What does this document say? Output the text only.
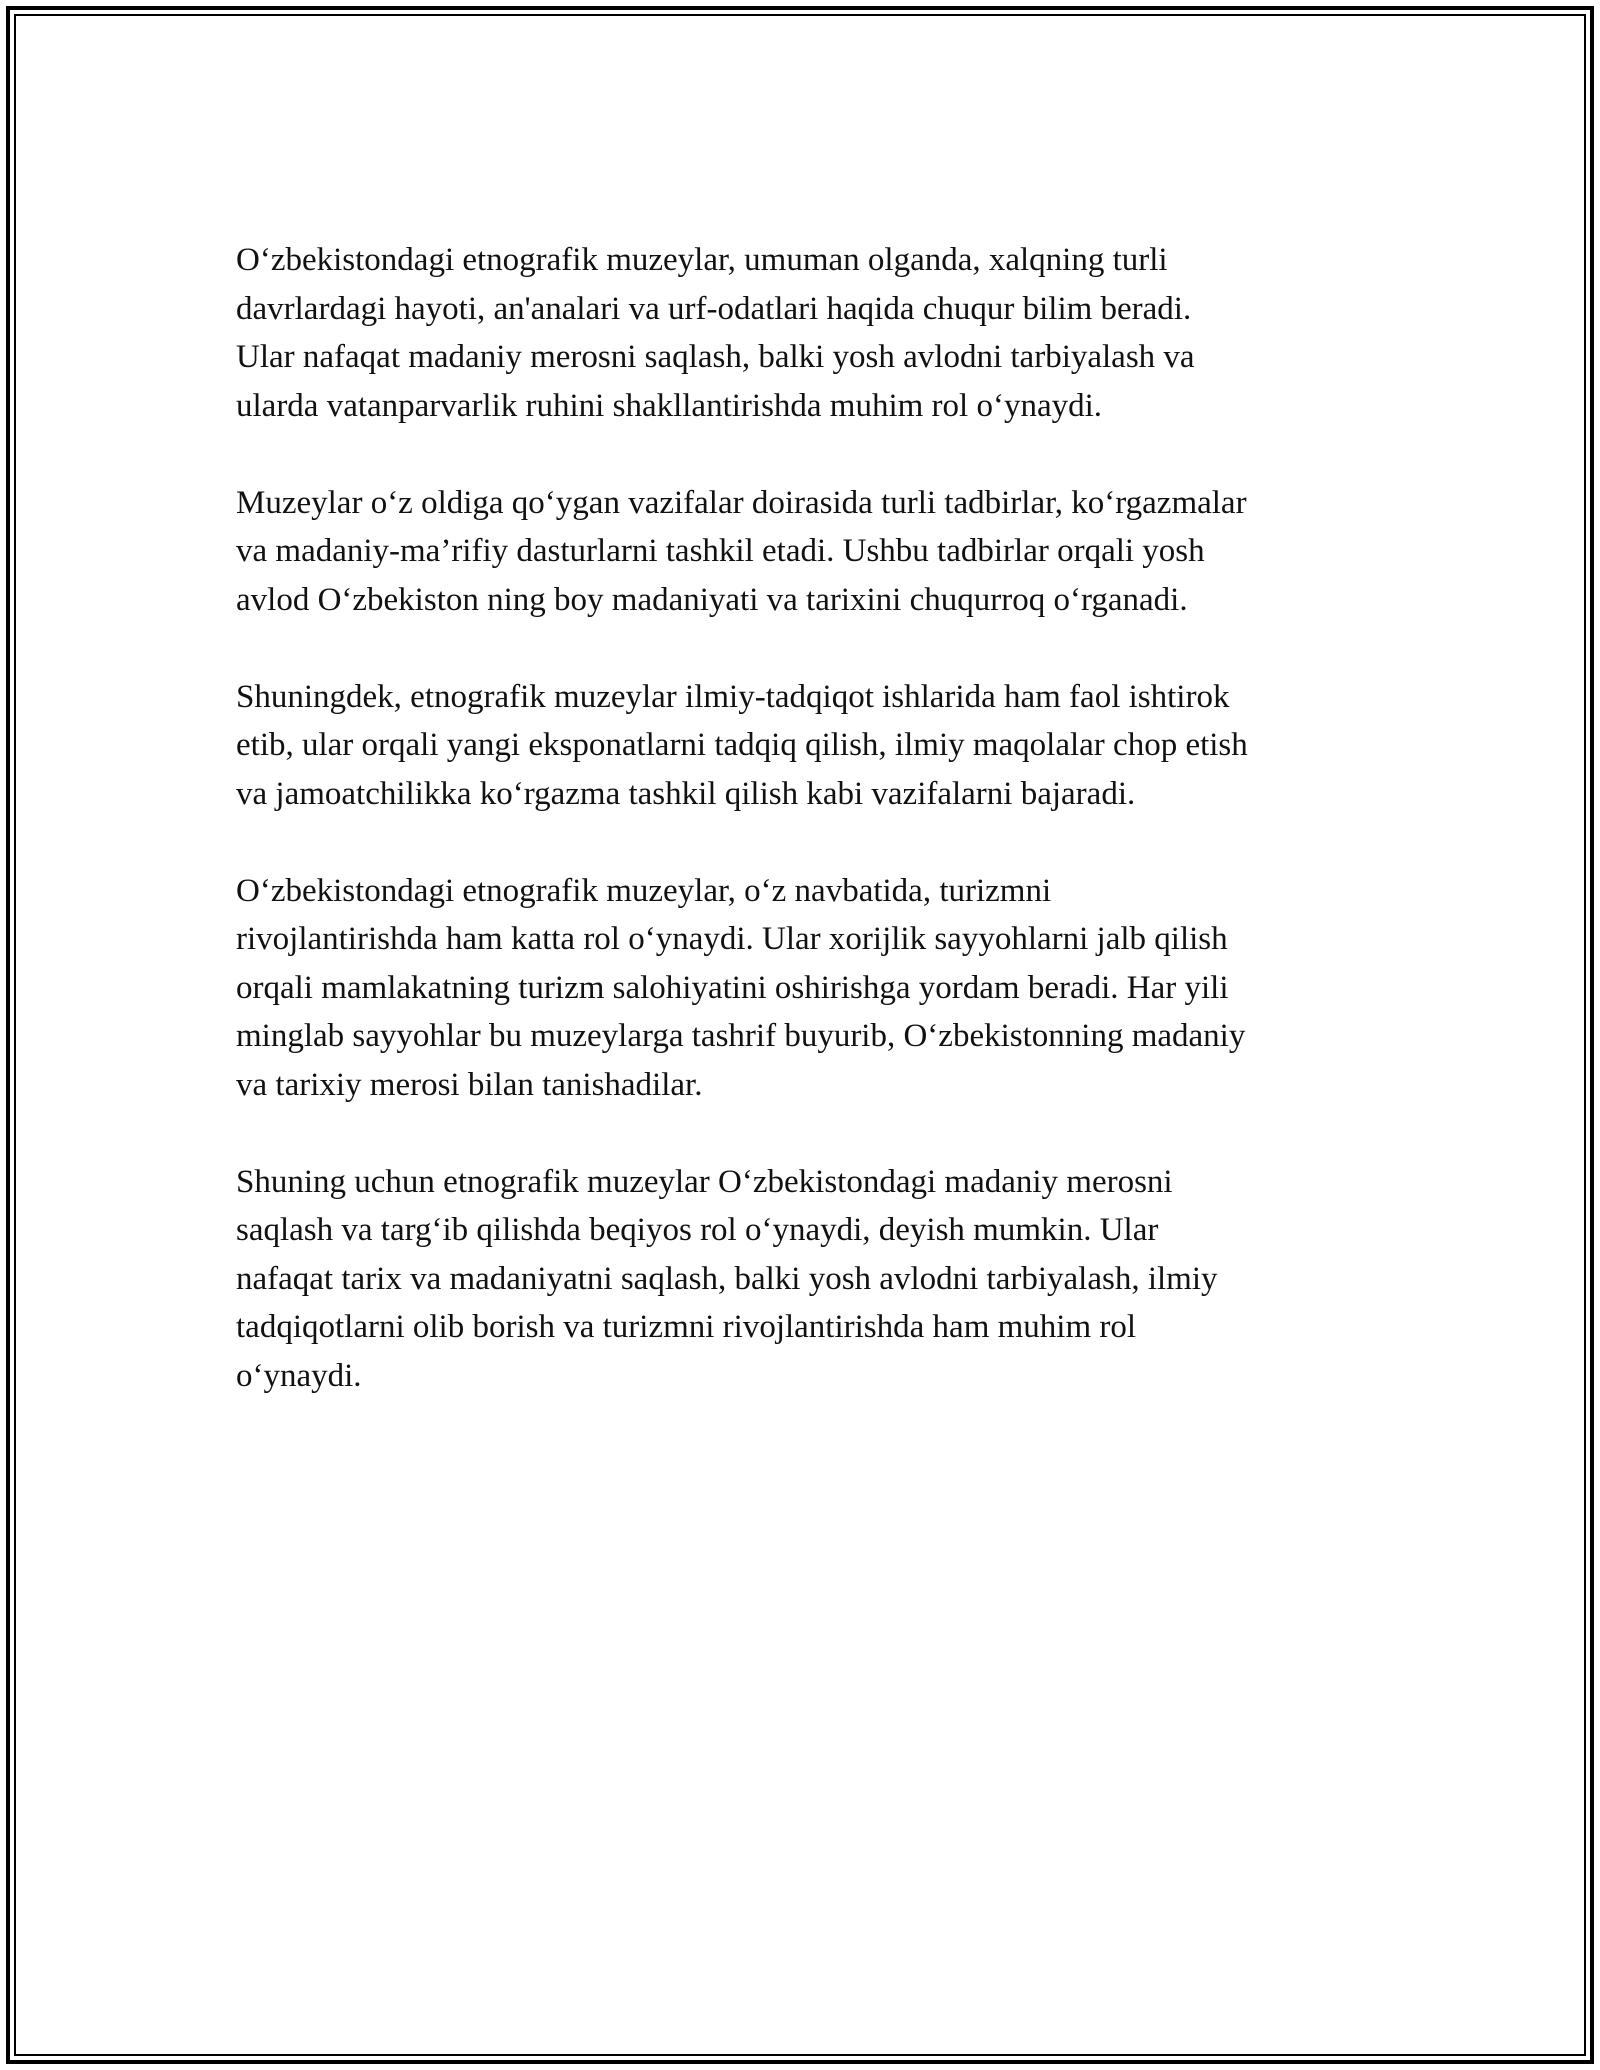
O‘zbekistondagi etnografik muzeylar, umuman olganda, xalqning turli
davrlardagi hayoti, an'analari va urf-odatlari haqida chuqur bilim beradi.
Ular nafaqat madaniy merosni saqlash, balki yosh avlodni tarbiyalash va
ularda vatanparvarlik ruhini shakllantirishda muhim rol o‘ynaydi.

Muzeylar o‘z oldiga qo‘ygan vazifalar doirasida turli tadbirlar, ko‘rgazmalar
va madaniy-ma’rifiy dasturlarni tashkil etadi. Ushbu tadbirlar orqali yosh
avlod O‘zbekiston ning boy madaniyati va tarixini chuqurroq o‘rganadi.

Shuningdek, etnografik muzeylar ilmiy-tadqiqot ishlarida ham faol ishtirok
etib, ular orqali yangi eksponatlarni tadqiq qilish, ilmiy maqolalar chop etish
va jamoatchilikka ko‘rgazma tashkil qilish kabi vazifalarni bajaradi.

O‘zbekistondagi etnografik muzeylar, o‘z navbatida, turizmni
rivojlantirishda ham katta rol o‘ynaydi. Ular xorijlik sayyohlarni jalb qilish
orqali mamlakatning turizm salohiyatini oshirishga yordam beradi. Har yili
minglab sayyohlar bu muzeylarga tashrif buyurib, O‘zbekistonning madaniy
va tarixiy merosi bilan tanishadilar.

Shuning uchun etnografik muzeylar O‘zbekistondagi madaniy merosni
saqlash va targ‘ib qilishda beqiyos rol o‘ynaydi, deyish mumkin. Ular
nafaqat tarix va madaniyatni saqlash, balki yosh avlodni tarbiyalash, ilmiy
tadqiqotlarni olib borish va turizmni rivojlantirishda ham muhim rol
o‘ynaydi.
